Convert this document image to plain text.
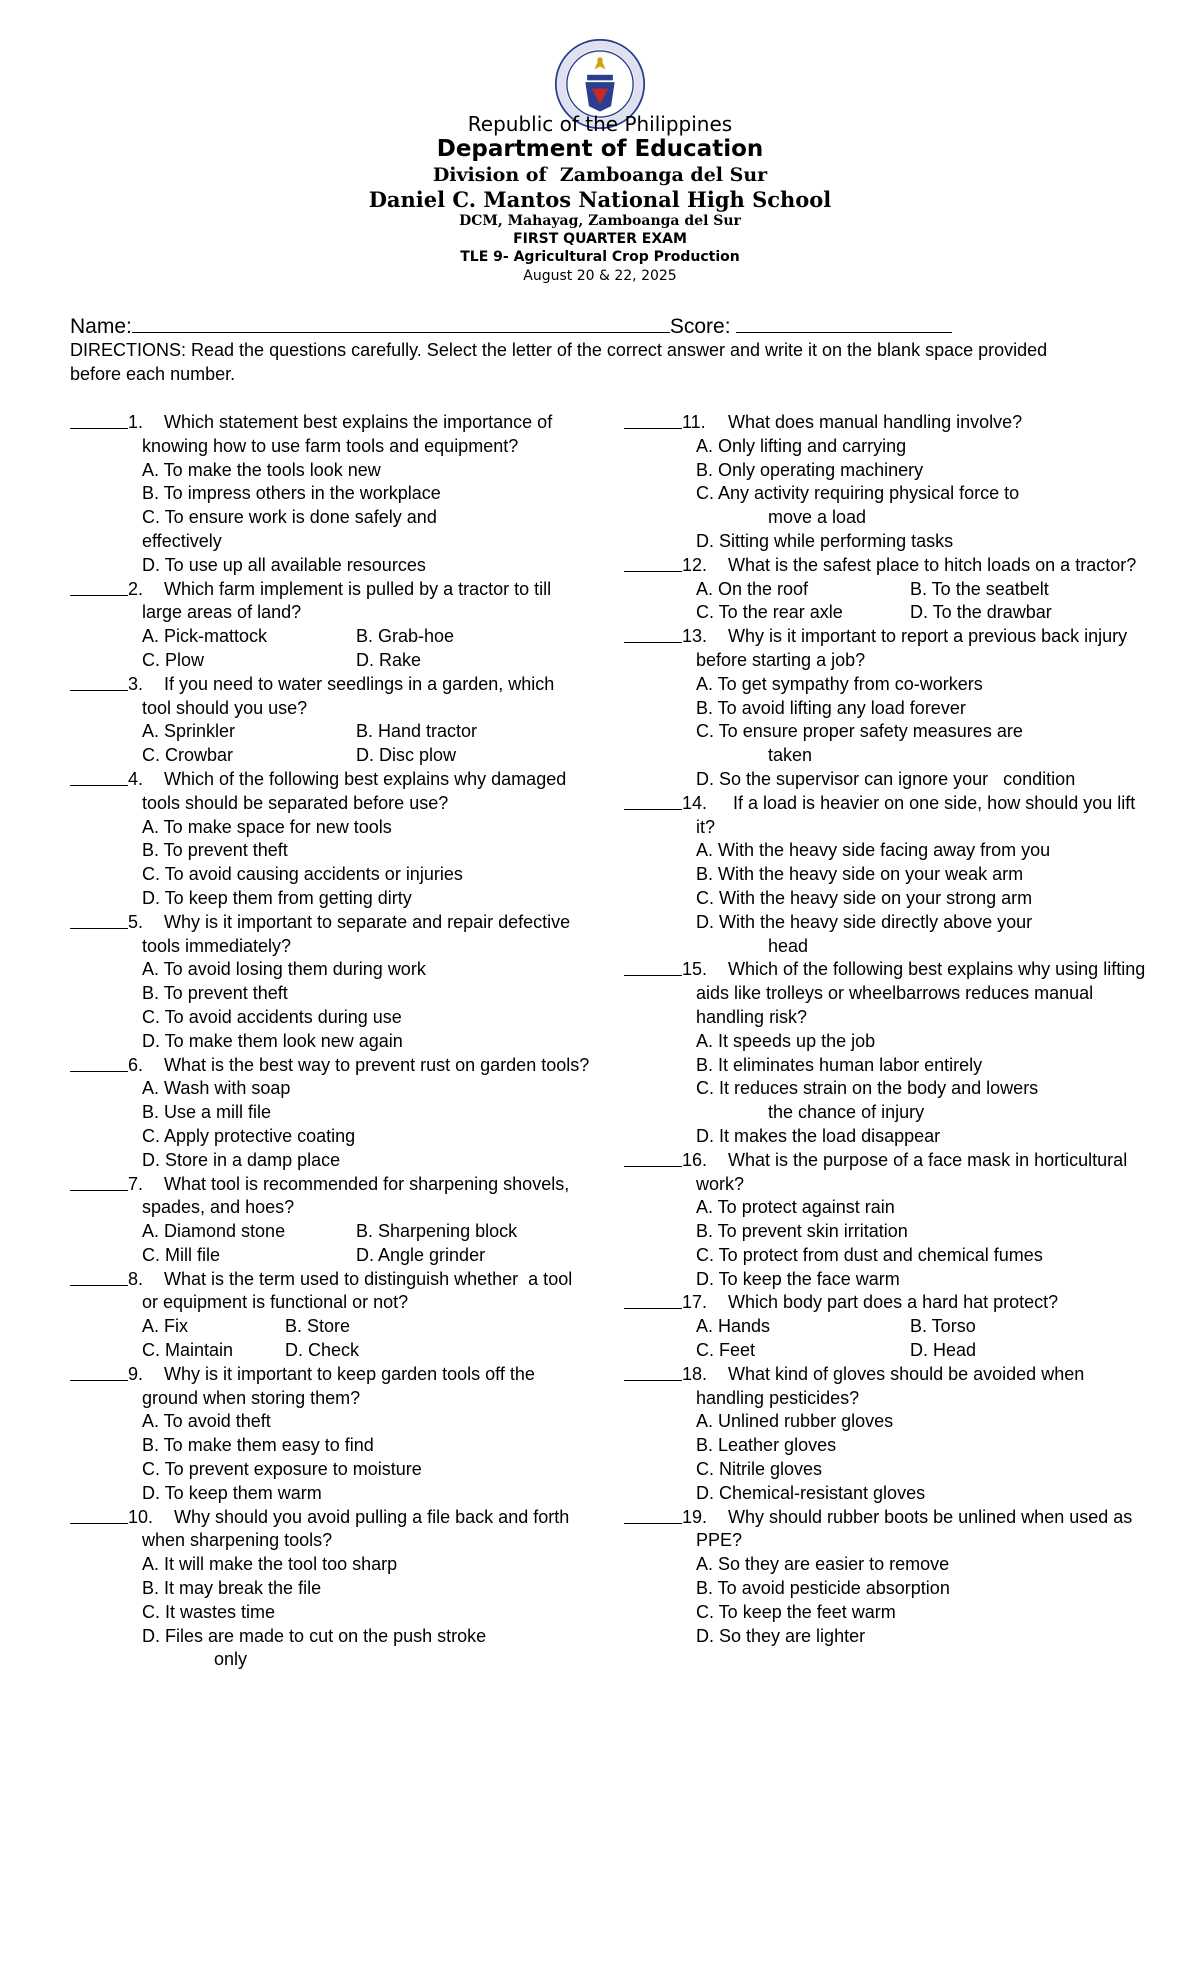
Republic of the Philippines
Department of Education
Division of  Zamboanga del Sur
Daniel C. Mantos National High School
DCM, Mahayag, Zamboanga del Sur
FIRST QUARTER EXAM
TLE 9- Agricultural Crop Production
August 20 & 22, 2025
Name:	Score:
DIRECTIONS: Read the questions carefully. Select the letter of the correct answer and write it on the blank space provided before each number.
1.	Which statement best explains the importance of   knowing how to use farm tools and equipment?
A. To make the tools look new
B. To impress others in the workplace
C. To ensure work is done safely and effectively
D. To use up all available resources
2.	Which farm implement is pulled by a tractor to till large areas of land?
A. Pick-mattock	B. Grab-hoe
C. Plow	D. Rake
3.	If you need to water seedlings in a garden, which   tool should you use?
A. Sprinkler	B. Hand tractor
C. Crowbar	D. Disc plow
4.	Which of the following best explains why damaged tools should be separated before use?
A. To make space for new tools
B. To prevent theft
C. To avoid causing accidents or injuries
D. To keep them from getting dirty
5.	Why is it important to separate and repair defective tools immediately?
A. To avoid losing them during work
B. To prevent theft
C. To avoid accidents during use
D. To make them look new again
6.	What is the best way to prevent rust on garden tools?
A. Wash with soap
B. Use a mill file
C. Apply protective coating
D. Store in a damp place
7.	What tool is recommended for sharpening shovels, spades, and hoes?
A. Diamond stone	B. Sharpening block
C. Mill file	D. Angle grinder
8.	What is the term used to distinguish whether  a tool or equipment is functional or not?
A. Fix	B. Store
C. Maintain	D. Check
9.	Why is it important to keep garden tools off the ground when storing them?
A. To avoid theft
B. To make them easy to find
C. To prevent exposure to moisture
D. To keep them warm
10.	Why should you avoid pulling a file back and forth when sharpening tools?
A. It will make the tool too sharp
B. It may break the file
C. It wastes time
D. Files are made to cut on the push stroke
only
11.	What does manual handling involve?
A. Only lifting and carrying
B. Only operating machinery
C. Any activity requiring physical force to
move a load
D. Sitting while performing tasks
12.	What is the safest place to hitch loads on a tractor?
A. On the roof	B. To the seatbelt
C. To the rear axle	D. To the drawbar
13.	Why is it important to report a previous back injury before starting a job?
A. To get sympathy from co-workers
B. To avoid lifting any load forever
C. To ensure proper safety measures are
taken
D. So the supervisor can ignore your   condition
14.	If a load is heavier on one side, how should you lift it?
A. With the heavy side facing away from you
B. With the heavy side on your weak arm
C. With the heavy side on your strong arm
D. With the heavy side directly above your
head
15.	Which of the following best explains why using lifting aids like trolleys or wheelbarrows reduces manual handling risk?
A. It speeds up the job
B. It eliminates human labor entirely
C. It reduces strain on the body and lowers
the chance of injury
D. It makes the load disappear
16.	What is the purpose of a face mask in horticultural work?
A. To protect against rain
B. To prevent skin irritation
C. To protect from dust and chemical fumes
D. To keep the face warm
17.	Which body part does a hard hat protect?
A. Hands	B. Torso
C. Feet	D. Head
18.	What kind of gloves should be avoided when handling pesticides?
A. Unlined rubber gloves
B. Leather gloves
C. Nitrile gloves
D. Chemical-resistant gloves
19.	Why should rubber boots be unlined when used as PPE?
A. So they are easier to remove
B. To avoid pesticide absorption
C. To keep the feet warm
D. So they are lighter
